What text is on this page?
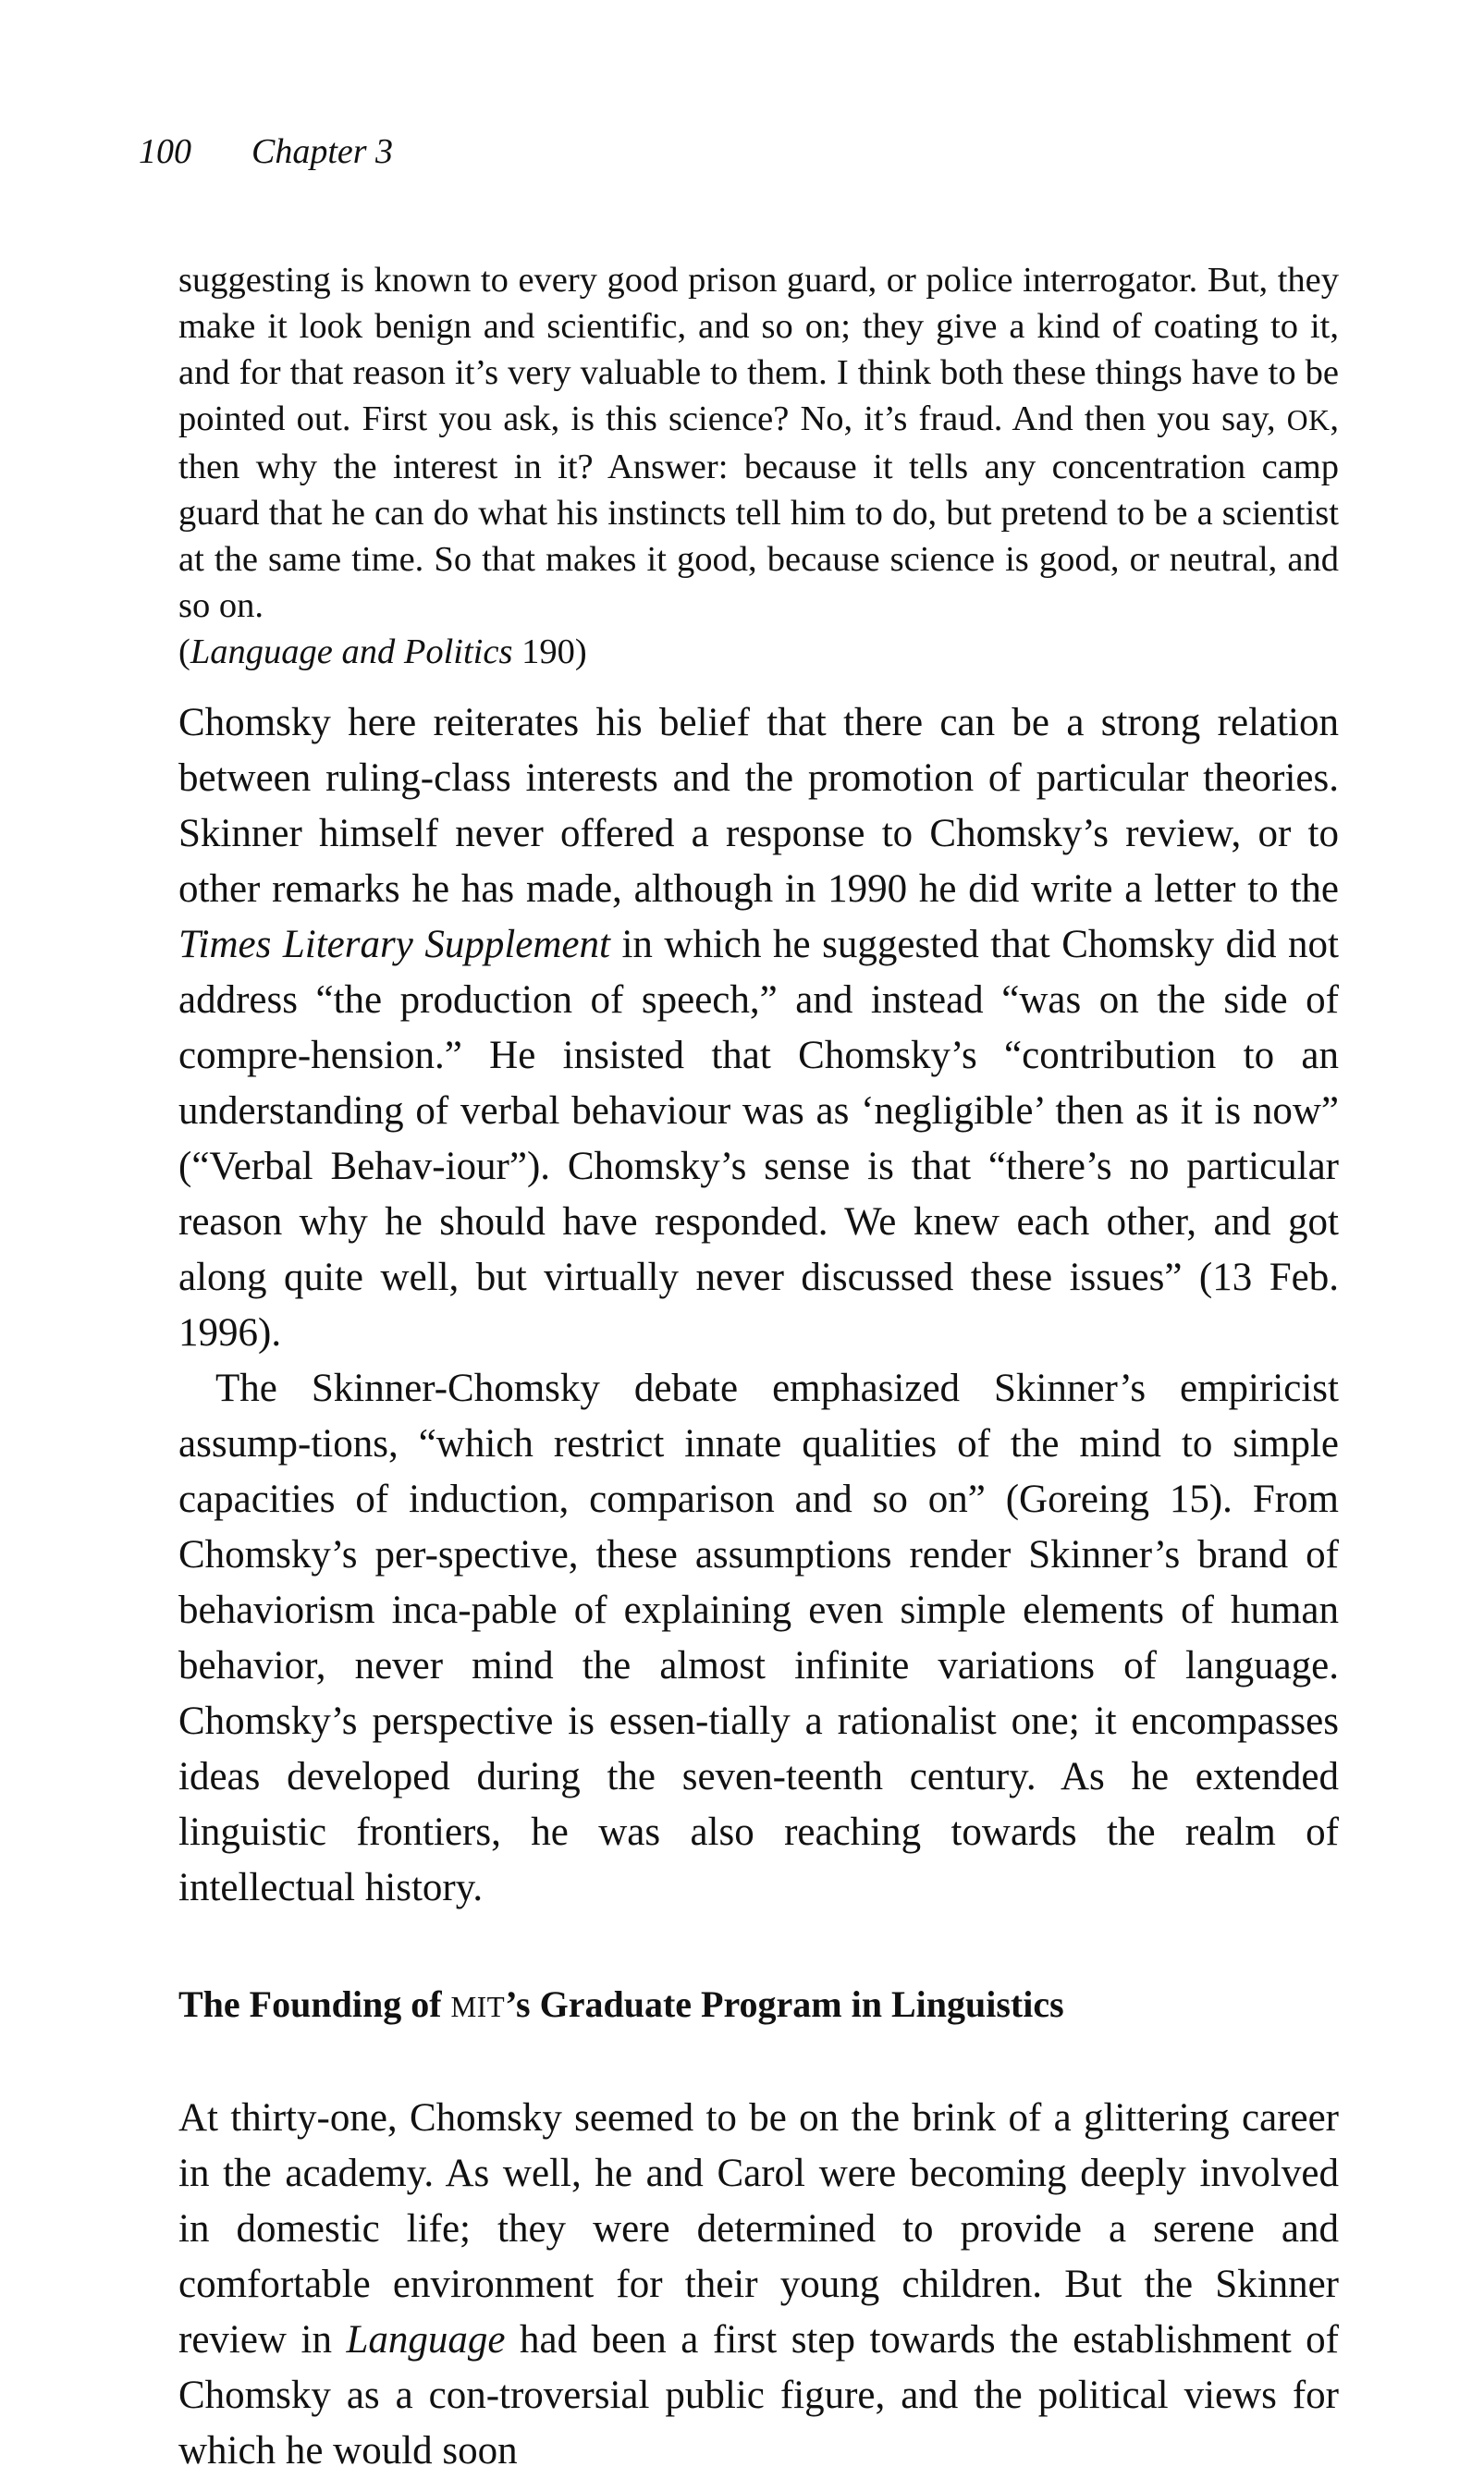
100 Chapter 3

suggesting is known to every good prison guard, or police interrogator. But, they make it look benign and scientific, and so on; they give a kind of coating to it, and for that reason it’s very valuable to them. I think both these things have to be pointed out. First you ask, is this science? No, it’s fraud. And then you say, OK, then why the interest in it? Answer: because it tells any concentration camp guard that he can do what his instincts tell him to do, but pretend to be a scientist at the same time. So that makes it good, because science is good, or neutral, and so on.

(Language and Politics 190)

Chomsky here reiterates his belief that there can be a strong relation between ruling-class interests and the promotion of particular theories. Skinner himself never offered a response to Chomsky’s review, or to other remarks he has made, although in 1990 he did write a letter to the Times Literary Supplement in which he suggested that Chomsky did not address “the production of speech,” and instead “was on the side of compre-hension.” He insisted that Chomsky’s “contribution to an understanding of verbal behaviour was as ‘negligible’ then as it is now” (“Verbal Behav-iour”). Chomsky’s sense is that “there’s no particular reason why he should have responded. We knew each other, and got along quite well, but virtually never discussed these issues” (13 Feb. 1996).

The Skinner-Chomsky debate emphasized Skinner’s empiricist assump-tions, “which restrict innate qualities of the mind to simple capacities of induction, comparison and so on” (Goreing 15). From Chomsky’s per-spective, these assumptions render Skinner’s brand of behaviorism inca-pable of explaining even simple elements of human behavior, never mind the almost infinite variations of language. Chomsky’s perspective is essen-tially a rationalist one; it encompasses ideas developed during the seven-teenth century. As he extended linguistic frontiers, he was also reaching towards the realm of intellectual history.

The Founding of MIT’s Graduate Program in Linguistics

At thirty-one, Chomsky seemed to be on the brink of a glittering career in the academy. As well, he and Carol were becoming deeply involved in domestic life; they were determined to provide a serene and comfortable environment for their young children. But the Skinner review in Language had been a first step towards the establishment of Chomsky as a con-troversial public figure, and the political views for which he would soon
